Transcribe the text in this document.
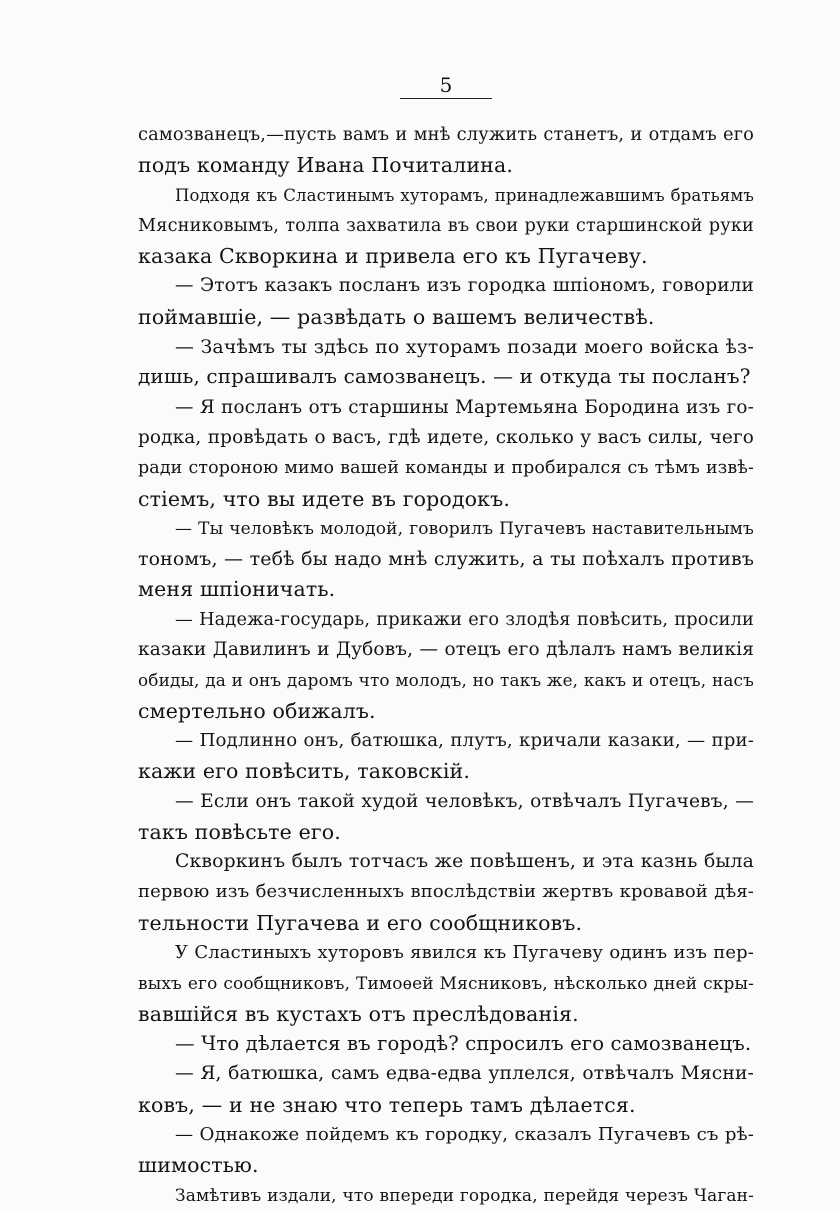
5
самозванецъ,—пусть вамъ и мнѣ служить станетъ, и отдамъ его
подъ команду Ивана Почиталина.
Подходя къ Сластинымъ хуторамъ, принадлежавшимъ братьямъ
Мясниковымъ, толпа захватила въ свои руки старшинской руки
казака Скворкина и привела его къ Пугачеву.
— Этотъ казакъ посланъ изъ городка шпіономъ, говорили
поймавшіе, — развѣдать о вашемъ величествѣ.
— Зачѣмъ ты здѣсь по хуторамъ позади моего войска ѣз-
дишь, спрашивалъ самозванецъ. — и откуда ты посланъ?
— Я посланъ отъ старшины Мартемьяна Бородина изъ го-
родка, провѣдать о васъ, гдѣ идете, сколько у васъ силы, чего
ради стороною мимо вашей команды и пробирался съ тѣмъ извѣ-
стіемъ, что вы идете въ городокъ.
— Ты человѣкъ молодой, говорилъ Пугачевъ наставительнымъ
тономъ, — тебѣ бы надо мнѣ служить, а ты поѣхалъ противъ
меня шпіоничать.
— Надежа-государь, прикажи его злодѣя повѣсить, просили
казаки Давилинъ и Дубовъ, — отецъ его дѣлалъ намъ великія
обиды, да и онъ даромъ что молодъ, но такъ же, какъ и отецъ, насъ
смертельно обижалъ.
— Подлинно онъ, батюшка, плутъ, кричали казаки, — при-
кажи его повѣсить, таковскій.
— Если онъ такой худой человѣкъ, отвѣчалъ Пугачевъ, —
такъ повѣсьте его.
Скворкинъ былъ тотчасъ же повѣшенъ, и эта казнь была
первою изъ безчисленныхъ впослѣдствіи жертвъ кровавой дѣя-
тельности Пугачева и его сообщниковъ.
У Сластиныхъ хуторовъ явился къ Пугачеву одинъ изъ пер-
выхъ его сообщниковъ, Тимоѳей Мясниковъ, нѣсколько дней скры-
вавшійся въ кустахъ отъ преслѣдованія.
— Что дѣлается въ городѣ? спросилъ его самозванецъ.
— Я, батюшка, самъ едва-едва уплелся, отвѣчалъ Мясни-
ковъ, — и не знаю что теперь тамъ дѣлается.
— Однакоже пойдемъ къ городку, сказалъ Пугачевъ съ рѣ-
шимостью.
Замѣтивъ издали, что впереди городка, перейдя черезъ Чаган-
